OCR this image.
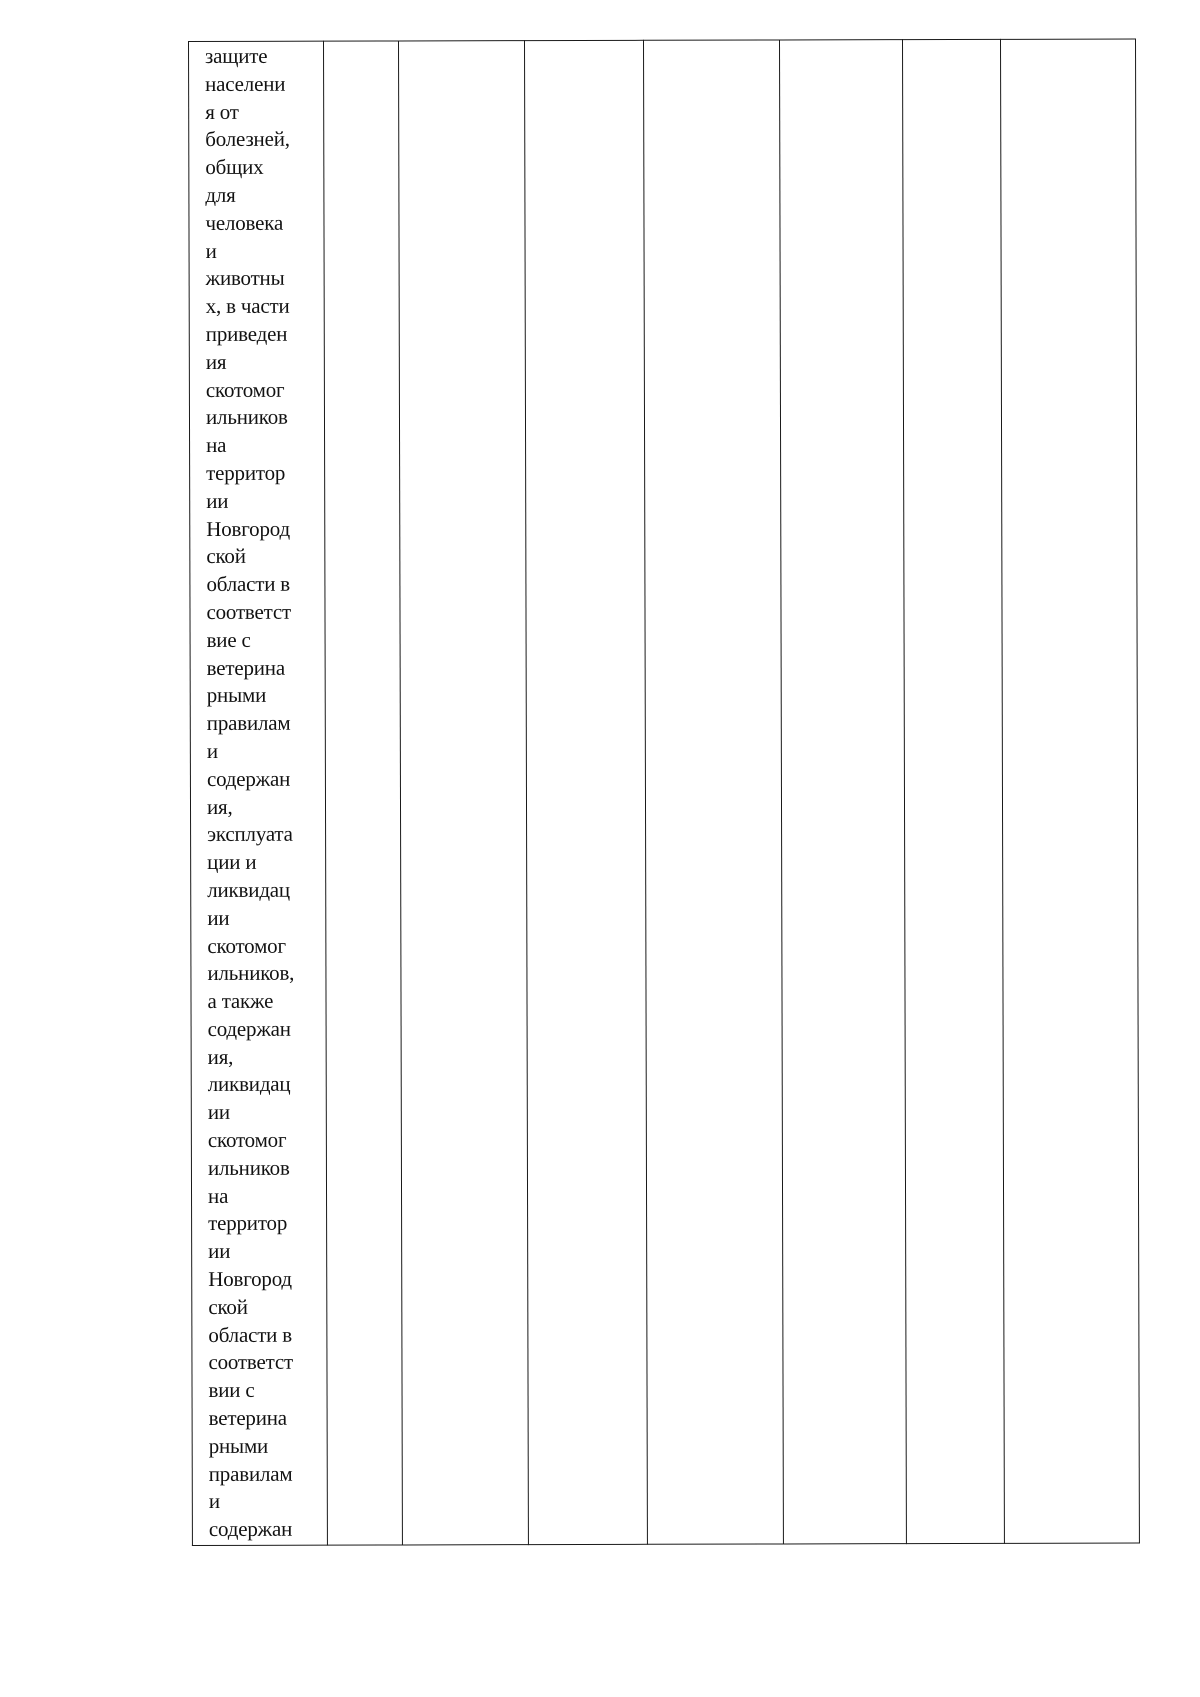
защите
населени
я от
болезней,
общих
для
человека
и
животны
х, в части
приведен
ия
скотомог
ильников
на
территор
ии
Новгород
ской
области в
соответст
вие с
ветерина
рными
правилам
и
содержан
ия,
эксплуата
ции и
ликвидац
ии
скотомог
ильников,
а также
содержан
ия,
ликвидац
ии
скотомог
ильников
на
территор
ии
Новгород
ской
области в
соответст
вии с
ветерина
рными
правилам
и
содержан
